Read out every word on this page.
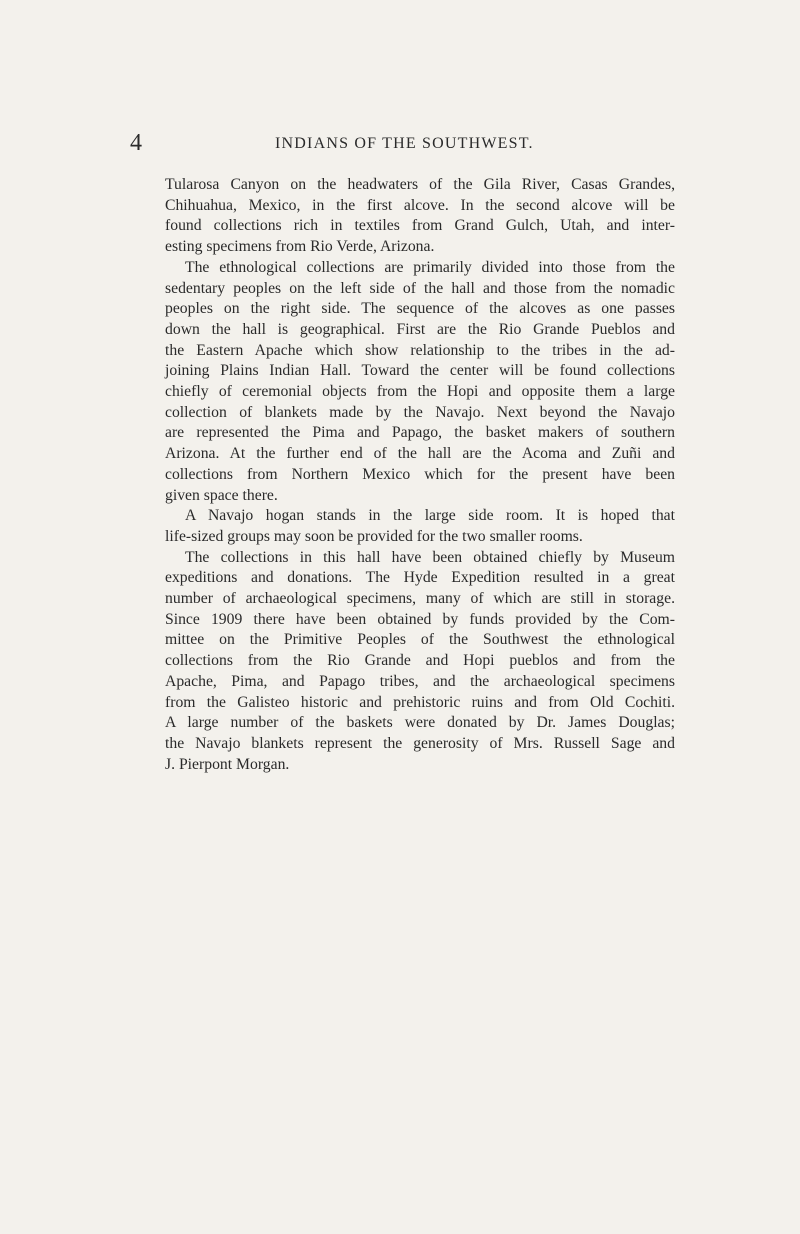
4	INDIANS OF THE SOUTHWEST.
Tularosa Canyon on the headwaters of the Gila River, Casas Grandes,
Chihuahua, Mexico, in the first alcove. In the second alcove will be
found collections rich in textiles from Grand Gulch, Utah, and inter-
esting specimens from Rio Verde, Arizona.
The ethnological collections are primarily divided into those from the
sedentary peoples on the left side of the hall and those from the nomadic
peoples on the right side. The sequence of the alcoves as one passes
down the hall is geographical. First are the Rio Grande Pueblos and
the Eastern Apache which show relationship to the tribes in the ad-
joining Plains Indian Hall. Toward the center will be found collections
chiefly of ceremonial objects from the Hopi and opposite them a large
collection of blankets made by the Navajo. Next beyond the Navajo
are represented the Pima and Papago, the basket makers of southern
Arizona. At the further end of the hall are the Acoma and Zuñi and
collections from Northern Mexico which for the present have been
given space there.
A Navajo hogan stands in the large side room. It is hoped that
life-sized groups may soon be provided for the two smaller rooms.
The collections in this hall have been obtained chiefly by Museum
expeditions and donations. The Hyde Expedition resulted in a great
number of archaeological specimens, many of which are still in storage.
Since 1909 there have been obtained by funds provided by the Com-
mittee on the Primitive Peoples of the Southwest the ethnological
collections from the Rio Grande and Hopi pueblos and from the
Apache, Pima, and Papago tribes, and the archaeological specimens
from the Galisteo historic and prehistoric ruins and from Old Cochiti.
A large number of the baskets were donated by Dr. James Douglas;
the Navajo blankets represent the generosity of Mrs. Russell Sage and
J. Pierpont Morgan.
